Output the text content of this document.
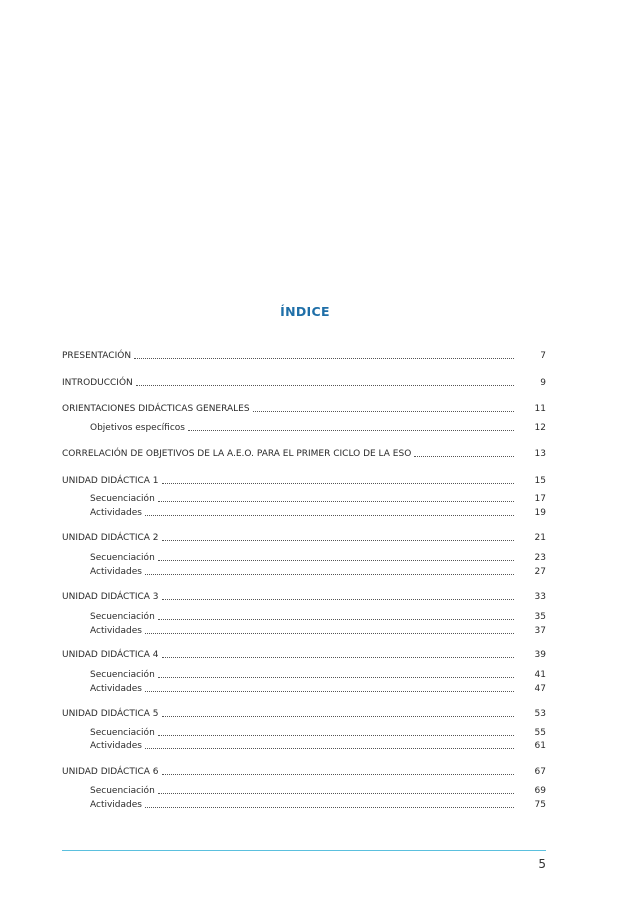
ÍNDICE
PRESENTACIÓN	7
INTRODUCCIÓN	9
ORIENTACIONES DIDÁCTICAS GENERALES	11
Objetivos específicos	12
CORRELACIÓN DE OBJETIVOS DE LA A.E.O. PARA EL PRIMER CICLO DE LA ESO	13
UNIDAD DIDÁCTICA 1	15
Secuenciación	17
Actividades	19
UNIDAD DIDÁCTICA 2	21
Secuenciación	23
Actividades	27
UNIDAD DIDÁCTICA 3	33
Secuenciación	35
Actividades	37
UNIDAD DIDÁCTICA 4	39
Secuenciación	41
Actividades	47
UNIDAD DIDÁCTICA 5	53
Secuenciación	55
Actividades	61
UNIDAD DIDÁCTICA 6	67
Secuenciación	69
Actividades	75
5
